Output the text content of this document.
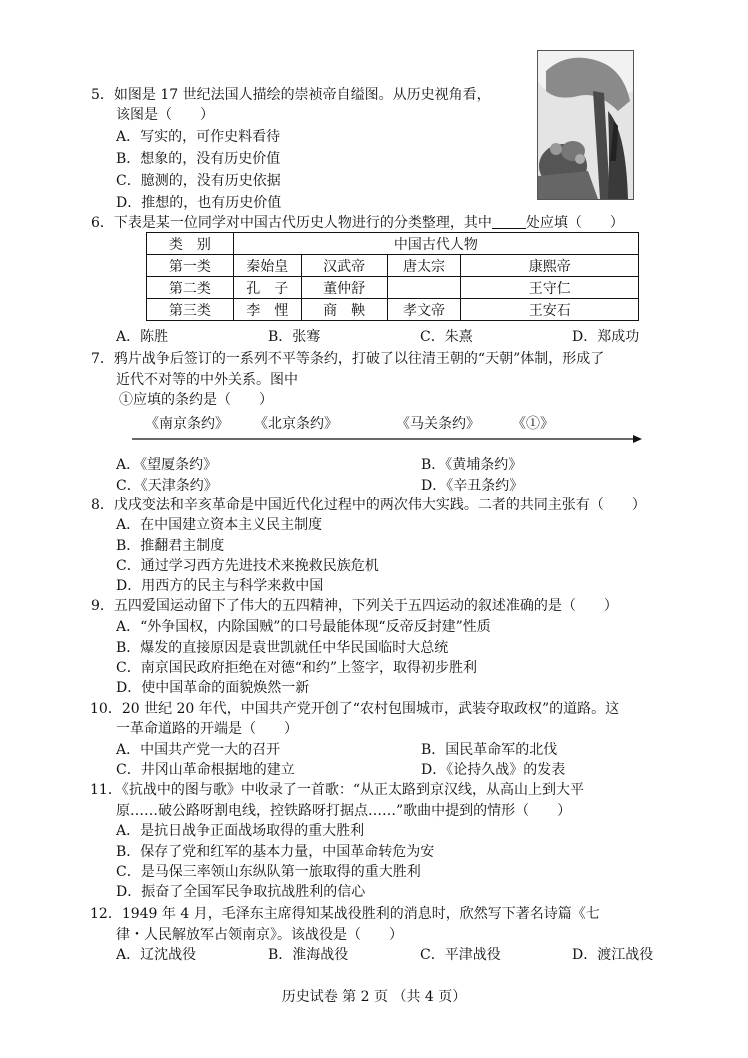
5．如图是 17 世纪法国人描绘的崇祯帝自缢图。从历史视角看，
该图是（　　）
A．写实的，可作史料看待
B．想象的，没有历史价值
C．臆测的，没有历史依据
D．推想的，也有历史价值
6．下表是某一位同学对中国古代历史人物进行的分类整理，其中 处应填（　　）
类　别	中国古代人物			
第一类	秦始皇	汉武帝	唐太宗	康熙帝
第二类	孔　子	董仲舒		王守仁
第三类	李　悝	商　鞅	孝文帝	王安石
A．陈胜	B．张骞	C．朱熹	D．郑成功
7．鸦片战争后签订的一系列不平等条约，打破了以往清王朝的“天朝”体制，形成了
近代不对等的中外关系。图中
①应填的条约是（　　）
《南京条约》 《北京条约》	《马关条约》 《①》
A．《望厦条约》	B．《黄埔条约》
C．《天津条约》	D．《辛丑条约》
8．戊戌变法和辛亥革命是中国近代化过程中的两次伟大实践。二者的共同主张有（　　）
A．在中国建立资本主义民主制度
B．推翻君主制度
C．通过学习西方先进技术来挽救民族危机
D．用西方的民主与科学来救中国
9．五四爱国运动留下了伟大的五四精神，下列关于五四运动的叙述准确的是（　　）
A．“外争国权，内除国贼”的口号最能体现“反帝反封建”性质
B．爆发的直接原因是袁世凯就任中华民国临时大总统
C．南京国民政府拒绝在对德“和约”上签字，取得初步胜利
D．使中国革命的面貌焕然一新
10．20 世纪 20 年代，中国共产党开创了“农村包围城市，武装夺取政权”的道路。这
一革命道路的开端是（　　）
A．中国共产党一大的召开	B．国民革命军的北伐
C．井冈山革命根据地的建立	D．《论持久战》的发表
11．《抗战中的图与歌》中收录了一首歌：“从正太路到京汉线，从高山上到大平
原……破公路呀割电线，控铁路呀打据点……”歌曲中提到的情形（　　）
A．是抗日战争正面战场取得的重大胜利
B．保存了党和红军的基本力量，中国革命转危为安
C．是马保三率领山东纵队第一旅取得的重大胜利
D．振奋了全国军民争取抗战胜利的信心
12．1949 年 4 月，毛泽东主席得知某战役胜利的消息时，欣然写下著名诗篇《七
律・人民解放军占领南京》。该战役是（　　）
A．辽沈战役	B．淮海战役	C．平津战役	D．渡江战役
历史试卷 第 2 页 （共 4 页）
